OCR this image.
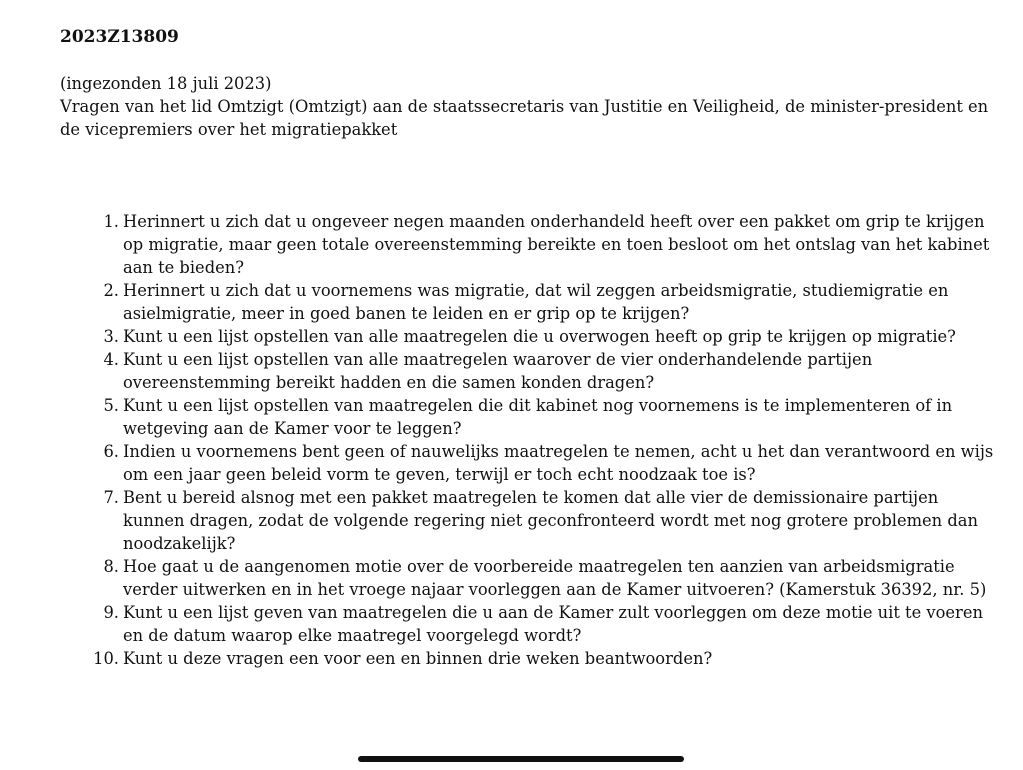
2023Z13809

(ingezonden 18 juli 2023)

Vragen van het lid Omtzigt (Omtzigt) aan de staatssecretaris van Justitie en Veiligheid, de minister-president en de vicepremiers over het migratiepakket

1. Herinnert u zich dat u ongeveer negen maanden onderhandeld heeft over een pakket om grip te krijgen op migratie, maar geen totale overeenstemming bereikte en toen besloot om het ontslag van het kabinet aan te bieden?
2. Herinnert u zich dat u voornemens was migratie, dat wil zeggen arbeidsmigratie, studiemigratie en asielmigratie, meer in goed banen te leiden en er grip op te krijgen?
3. Kunt u een lijst opstellen van alle maatregelen die u overwogen heeft op grip te krijgen op migratie?
4. Kunt u een lijst opstellen van alle maatregelen waarover de vier onderhandelende partijen overeenstemming bereikt hadden en die samen konden dragen?
5. Kunt u een lijst opstellen van maatregelen die dit kabinet nog voornemens is te implementeren of in wetgeving aan de Kamer voor te leggen?
6. Indien u voornemens bent geen of nauwelijks maatregelen te nemen, acht u het dan verantwoord en wijs om een jaar geen beleid vorm te geven, terwijl er toch echt noodzaak toe is?
7. Bent u bereid alsnog met een pakket maatregelen te komen dat alle vier de demissionaire partijen kunnen dragen, zodat de volgende regering niet geconfronteerd wordt met nog grotere problemen dan noodzakelijk?
8. Hoe gaat u de aangenomen motie over de voorbereide maatregelen ten aanzien van arbeidsmigratie verder uitwerken en in het vroege najaar voorleggen aan de Kamer uitvoeren? (Kamerstuk 36392, nr. 5)
9. Kunt u een lijst geven van maatregelen die u aan de Kamer zult voorleggen om deze motie uit te voeren en de datum waarop elke maatregel voorgelegd wordt?
10. Kunt u deze vragen een voor een en binnen drie weken beantwoorden?
